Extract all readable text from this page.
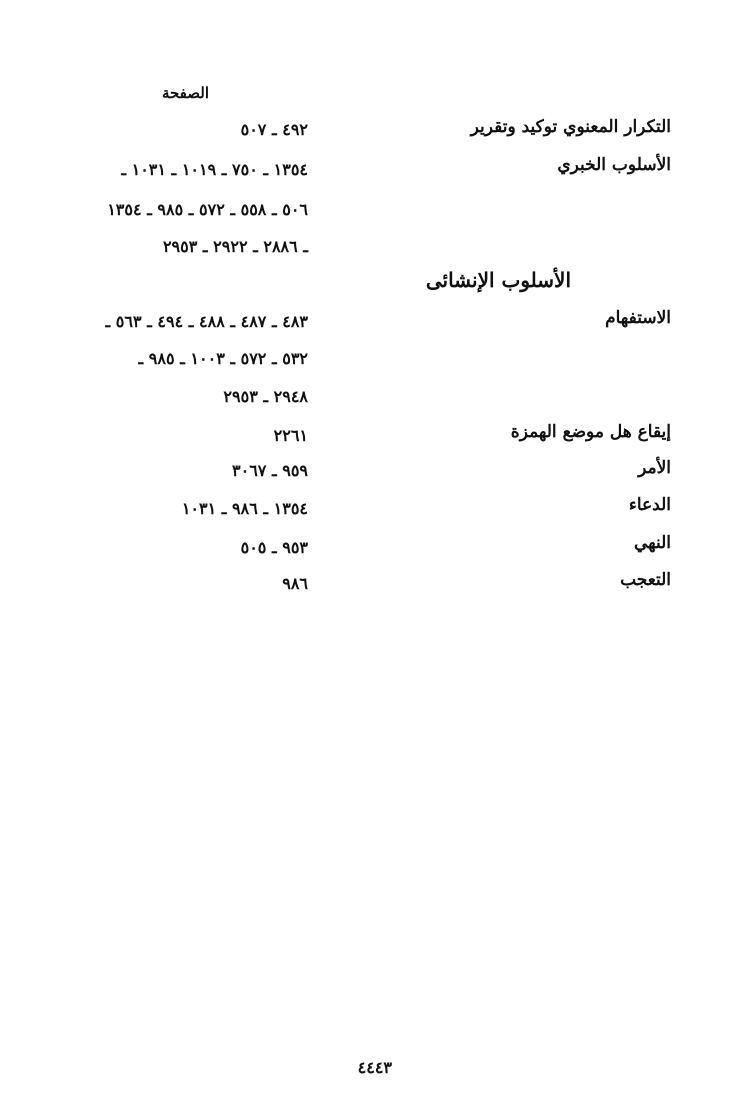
الصفحة
التكرار المعنوي توكيد وتقرير
٤٩٢ ـ ٥٠٧
الأسلوب الخبري
١٣٥٤ ـ ٧٥٠ ـ ١٠١٩ ـ ١٠٣١ ـ
٥٠٦ ـ ٥٥٨ ـ ٥٧٢ ـ ٩٨٥ ـ ١٣٥٤
ـ ٢٨٨٦ ـ ٢٩٢٢ ـ ٢٩٥٣
الأسلوب الإنشائى
الاستفهام
٤٨٣ ـ ٤٨٧ ـ ٤٨٨ ـ ٤٩٤ ـ ٥٦٣ ـ
٥٣٢ ـ ٥٧٢ ـ ١٠٠٣ ـ ٩٨٥ ـ
٢٩٤٨ ـ ٢٩٥٣
إيقاع هل موضع الهمزة
٢٢٦١
الأمر
٩٥٩ ـ ٣٠٦٧
الدعاء
١٣٥٤ ـ ٩٨٦ ـ ١٠٣١
النهي
٩٥٣ ـ ٥٠٥
التعجب
٩٨٦
٤٤٤٣
